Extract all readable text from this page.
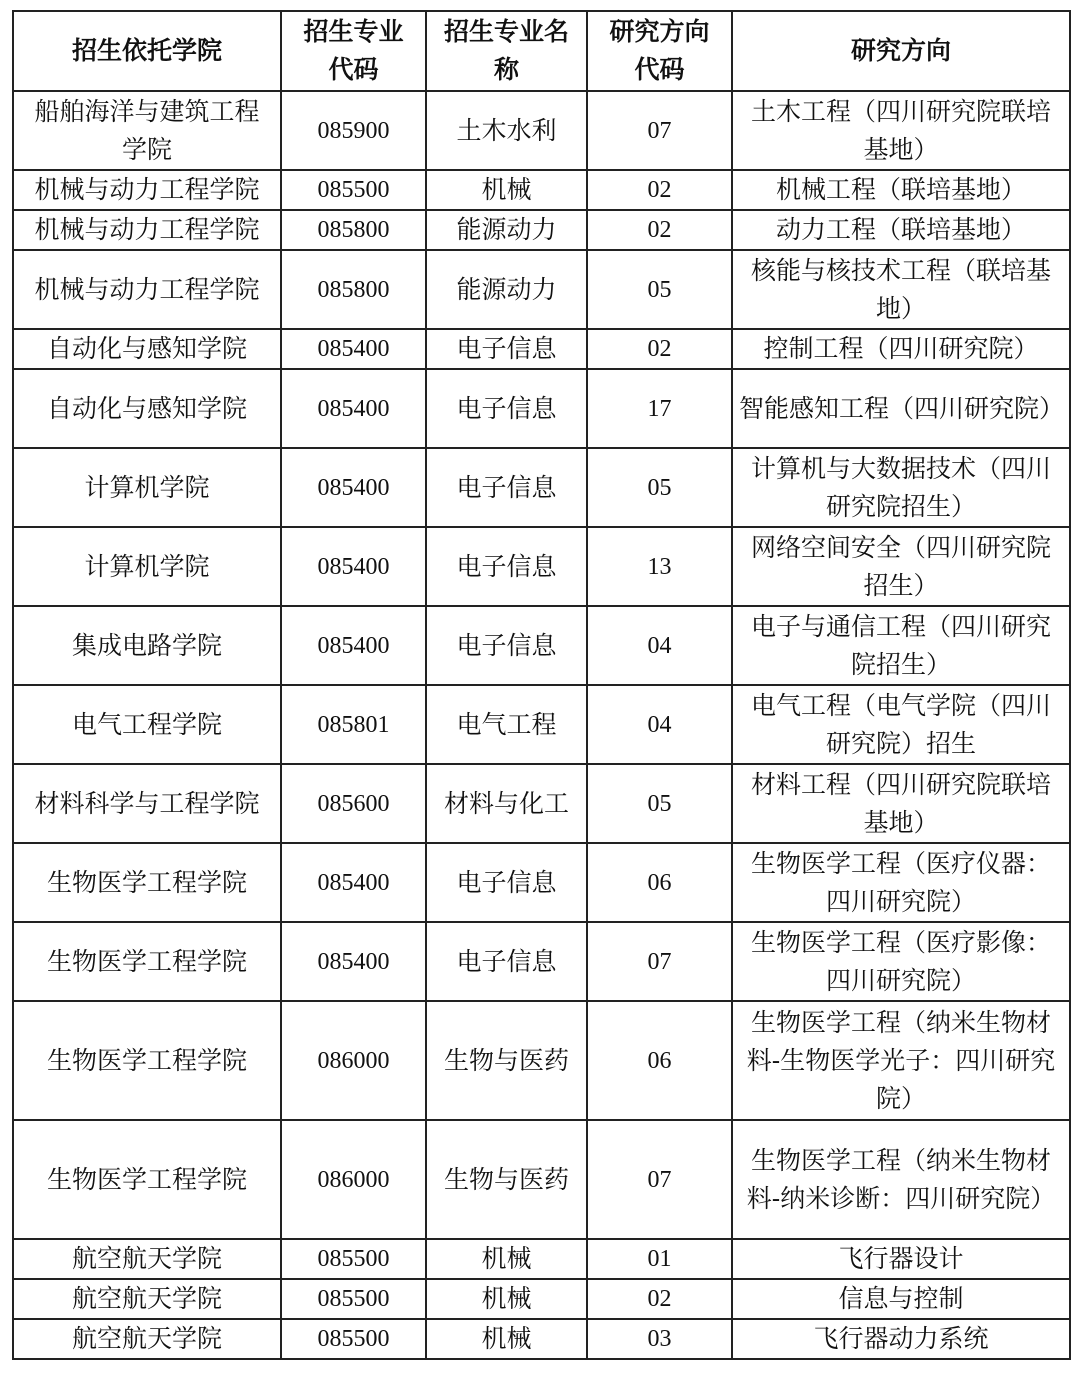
招生依托学院	招生专业代码	招生专业名称	研究方向代码	研究方向
船舶海洋与建筑工程学院	085900	土木水利	07	土木工程（四川研究院联培基地）
机械与动力工程学院	085500	机械	02	机械工程（联培基地）
机械与动力工程学院	085800	能源动力	02	动力工程（联培基地）
机械与动力工程学院	085800	能源动力	05	核能与核技术工程（联培基地）
自动化与感知学院	085400	电子信息	02	控制工程（四川研究院）
自动化与感知学院	085400	电子信息	17	智能感知工程（四川研究院）
计算机学院	085400	电子信息	05	计算机与大数据技术（四川研究院招生）
计算机学院	085400	电子信息	13	网络空间安全（四川研究院招生）
集成电路学院	085400	电子信息	04	电子与通信工程（四川研究院招生）
电气工程学院	085801	电气工程	04	电气工程（电气学院（四川研究院）招生
材料科学与工程学院	085600	材料与化工	05	材料工程（四川研究院联培基地）
生物医学工程学院	085400	电子信息	06	生物医学工程（医疗仪器：四川研究院）
生物医学工程学院	085400	电子信息	07	生物医学工程（医疗影像：四川研究院）
生物医学工程学院	086000	生物与医药	06	生物医学工程（纳米生物材料-生物医学光子：四川研究院）
生物医学工程学院	086000	生物与医药	07	生物医学工程（纳米生物材料-纳米诊断：四川研究院）
航空航天学院	085500	机械	01	飞行器设计
航空航天学院	085500	机械	02	信息与控制
航空航天学院	085500	机械	03	飞行器动力系统
